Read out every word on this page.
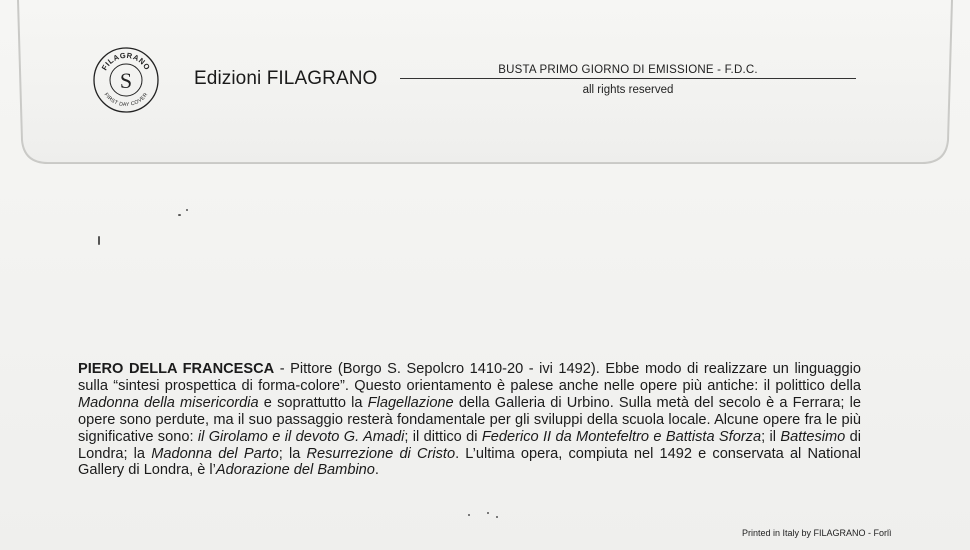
FILAGRANO
FIRST DAY COVER
S	Edizioni FILAGRANO	BUSTA PRIMO GIORNO DI EMISSIONE - F.D.C.
all rights reserved

PIERO DELLA FRANCESCA - Pittore (Borgo S. Sepolcro 1410-20 - ivi 1492). Ebbe modo di realizzare un linguaggio sulla “sintesi prospettica di forma-colore”. Questo orientamento è palese anche nelle opere più antiche: il polittico della Madonna della misericordia e soprattutto la Flagellazione della Galleria di Urbino. Sulla metà del secolo è a Ferrara; le opere sono perdute, ma il suo passaggio resterà fondamentale per gli sviluppi della scuola locale. Alcune opere fra le più significative sono: il Girolamo e il devoto G. Amadi; il dittico di Federico II da Montefeltro e Battista Sforza; il Battesimo di Londra; la Madonna del Parto; la Resurrezione di Cristo. L’ultima opera, compiuta nel 1492 e conservata al National Gallery di Londra, è l’Adorazione del Bambino.

Printed in Italy by FILAGRANO - Forlì
